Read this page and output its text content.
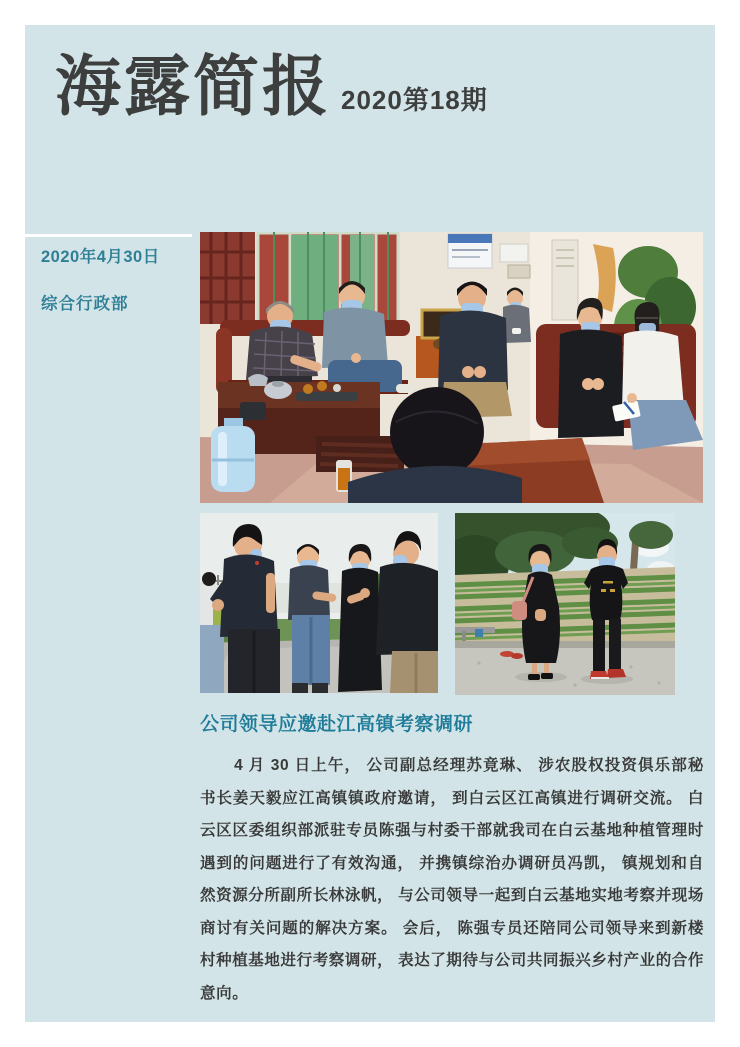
海露简报 2020第18期
2020年4月30日
综合行政部
公司领导应邀赴江高镇考察调研

4 月 30 日上午， 公司副总经理苏竟琳、 涉农股权投资俱乐部秘书长姜天毅应江高镇镇政府邀请， 到白云区江高镇进行调研交流。 白云区区委组织部派驻专员陈强与村委干部就我司在白云基地种植管理时遇到的问题进行了有效沟通， 并携镇综治办调研员冯凯， 镇规划和自然资源分所副所长林泳帆， 与公司领导一起到白云基地实地考察并现场商讨有关问题的解决方案。 会后， 陈强专员还陪同公司领导来到新楼村种植基地进行考察调研， 表达了期待与公司共同振兴乡村产业的合作意向。
